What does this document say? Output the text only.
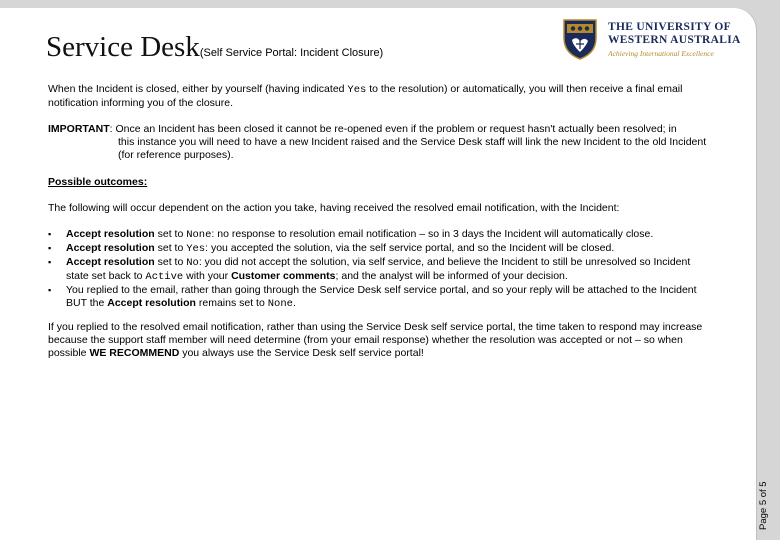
Service Desk(Self Service Portal: Incident Closure)
THE UNIVERSITY OF
WESTERN AUSTRALIA
Achieving International Excellence
When the Incident is closed, either by yourself (having indicated Yes to the resolution) or automatically, you will then receive a final email notification informing you of the closure.
IMPORTANT: Once an Incident has been closed it cannot be re-opened even if the problem or request hasn't actually been resolved; in
this instance you will need to have a new Incident raised and the Service Desk staff will link the new Incident to the old Incident (for reference purposes).
Possible outcomes:
The following will occur dependent on the action you take, having received the resolved email notification, with the Incident:
▪ Accept resolution set to None: no response to resolution email notification – so in 3 days the Incident will automatically close.
▪ Accept resolution set to Yes: you accepted the solution, via the self service portal, and so the Incident will be closed.
▪ Accept resolution set to No: you did not accept the solution, via self service, and believe the Incident to still be unresolved so Incident state set back to Active with your Customer comments; and the analyst will be informed of your decision.
▪ You replied to the email, rather than going through the Service Desk self service portal, and so your reply will be attached to the Incident BUT the Accept resolution remains set to None.
If you replied to the resolved email notification, rather than using the Service Desk self service portal, the time taken to respond may increase because the support staff member will need determine (from your email response) whether the resolution was accepted or not – so when possible WE RECOMMEND you always use the Service Desk self service portal!
Page 5 of 5
